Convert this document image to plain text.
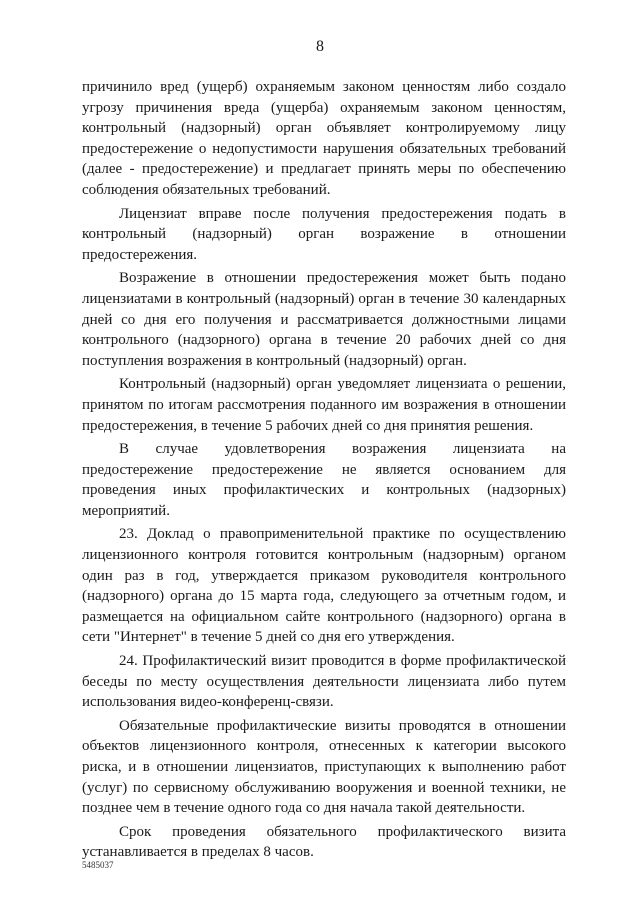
8

причинило вред (ущерб) охраняемым законом ценностям либо создало угрозу причинения вреда (ущерба) охраняемым законом ценностям, контрольный (надзорный) орган объявляет контролируемому лицу предостережение о недопустимости нарушения обязательных требований (далее - предостережение) и предлагает принять меры по обеспечению соблюдения обязательных требований.

Лицензиат вправе после получения предостережения подать в контрольный (надзорный) орган возражение в отношении предостережения.

Возражение в отношении предостережения может быть подано лицензиатами в контрольный (надзорный) орган в течение 30 календарных дней со дня его получения и рассматривается должностными лицами контрольного (надзорного) органа в течение 20 рабочих дней со дня поступления возражения в контрольный (надзорный) орган.

Контрольный (надзорный) орган уведомляет лицензиата о решении, принятом по итогам рассмотрения поданного им возражения в отношении предостережения, в течение 5 рабочих дней со дня принятия решения.

В случае удовлетворения возражения лицензиата на предостережение предостережение не является основанием для проведения иных профилактических и контрольных (надзорных) мероприятий.

23. Доклад о правоприменительной практике по осуществлению лицензионного контроля готовится контрольным (надзорным) органом один раз в год, утверждается приказом руководителя контрольного (надзорного) органа до 15 марта года, следующего за отчетным годом, и размещается на официальном сайте контрольного (надзорного) органа в сети "Интернет" в течение 5 дней со дня его утверждения.

24. Профилактический визит проводится в форме профилактической беседы по месту осуществления деятельности лицензиата либо путем использования видео-конференц-связи.

Обязательные профилактические визиты проводятся в отношении объектов лицензионного контроля, отнесенных к категории высокого риска, и в отношении лицензиатов, приступающих к выполнению работ (услуг) по сервисному обслуживанию вооружения и военной техники, не позднее чем в течение одного года со дня начала такой деятельности.

Срок проведения обязательного профилактического визита устанавливается в пределах 8 часов.

5485037
